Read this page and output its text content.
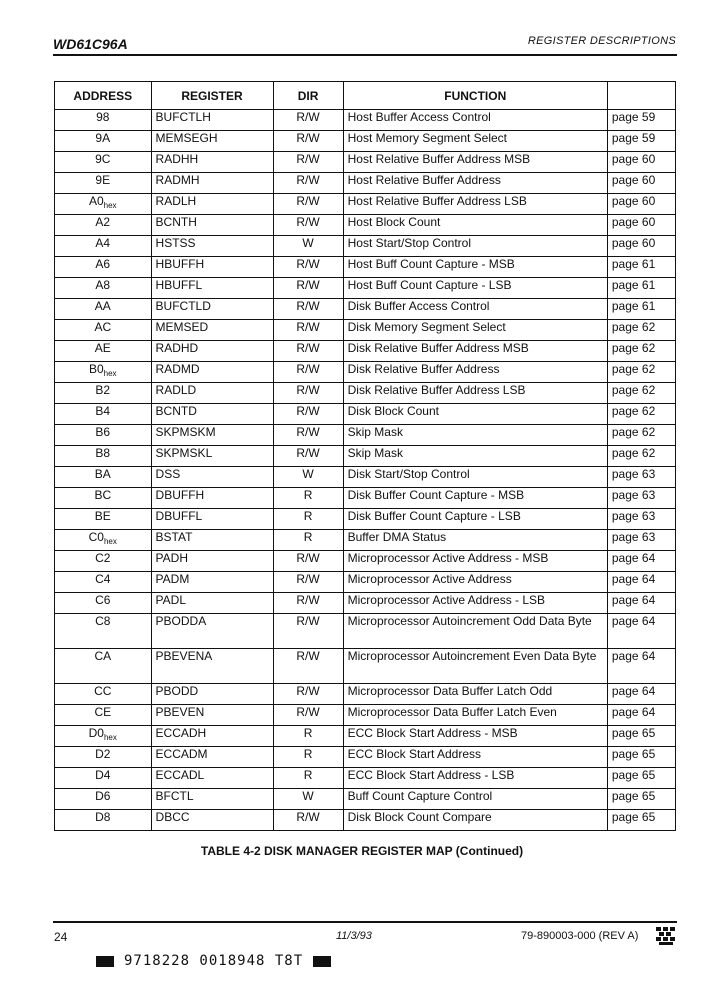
WD61C96A	REGISTER DESCRIPTIONS
ADDRESS	REGISTER	DIR	FUNCTION	
98	BUFCTLH	R/W	Host Buffer Access Control	page 59
9A	MEMSEGH	R/W	Host Memory Segment Select	page 59
9C	RADHH	R/W	Host Relative Buffer Address MSB	page 60
9E	RADMH	R/W	Host Relative Buffer Address	page 60
$A0_{hex}$	RADLH	R/W	Host Relative Buffer Address LSB	page 60
A2	BCNTH	R/W	Host Block Count	page 60
A4	HSTSS	W	Host Start/Stop Control	page 60
A6	HBUFFH	R/W	Host Buff Count Capture - MSB	page 61
A8	HBUFFL	R/W	Host Buff Count Capture - LSB	page 61
AA	BUFCTLD	R/W	Disk Buffer Access Control	page 61
AC	MEMSED	R/W	Disk Memory Segment Select	page 62
AE	RADHD	R/W	Disk Relative Buffer Address MSB	page 62
$B0_{hex}$	RADMD	R/W	Disk Relative Buffer Address	page 62
B2	RADLD	R/W	Disk Relative Buffer Address LSB	page 62
B4	BCNTD	R/W	Disk Block Count	page 62
B6	SKPMSKM	R/W	Skip Mask	page 62
B8	SKPMSKL	R/W	Skip Mask	page 62
BA	DSS	W	Disk Start/Stop Control	page 63
BC	DBUFFH	R	Disk Buffer Count Capture - MSB	page 63
BE	DBUFFL	R	Disk Buffer Count Capture - LSB	page 63
$C0_{hex}$	BSTAT	R	Buffer DMA Status	page 63
C2	PADH	R/W	Microprocessor Active Address - MSB	page 64
C4	PADM	R/W	Microprocessor Active Address	page 64
C6	PADL	R/W	Microprocessor Active Address - LSB	page 64
C8	PBODDA	R/W	Microprocessor Autoincrement Odd Data Byte	page 64
CA	PBEVENA	R/W	Microprocessor Autoincrement Even Data Byte	page 64
CC	PBODD	R/W	Microprocessor Data Buffer Latch Odd	page 64
CE	PBEVEN	R/W	Microprocessor Data Buffer Latch Even	page 64
$D0_{hex}$	ECCADH	R	ECC Block Start Address - MSB	page 65
D2	ECCADM	R	ECC Block Start Address	page 65
D4	ECCADL	R	ECC Block Start Address - LSB	page 65
D6	BFCTL	W	Buff Count Capture Control	page 65
D8	DBCC	R/W	Disk Block Count Compare	page 65
TABLE 4-2 DISK MANAGER REGISTER MAP (Continued)
24	11/3/93	79-890003-000 (REV A)
9718228 0018948 T8T
